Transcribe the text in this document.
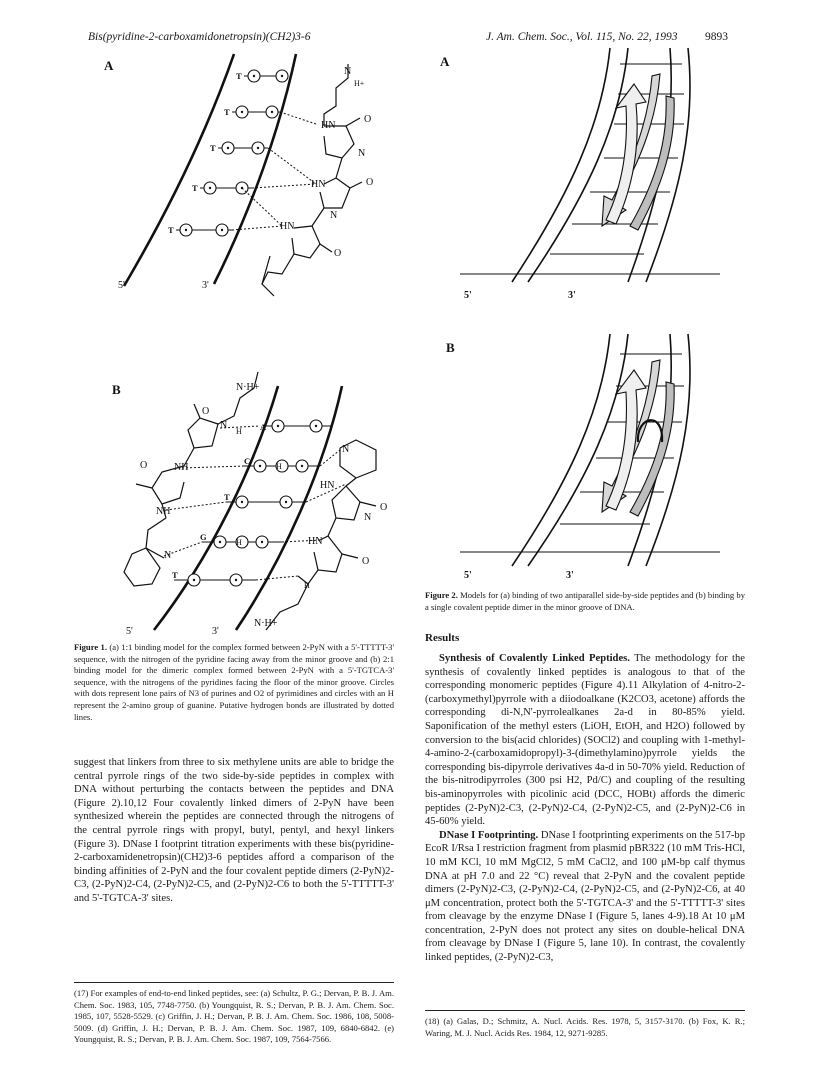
Bis(pyridine-2-carboxamidonetropsin)(CH2)3-6	J. Am. Chem. Soc., Vol. 115, No. 22, 1993 9893
HN
HN
HN
O
O
O
N
N
N
H+
T
T
T
T
T
A
5'	3'
H
H
N·H+
N·H+
NH
NH
HN
HN
O
O
O
O
N
N
N
N
H
H
A
C
T
G
T
B
5'	3'
Figure 1. (a) 1:1 binding model for the complex formed between 2-PyN with a 5'-TTTTT-3' sequence, with the nitrogen of the pyridine facing away from the minor groove and (b) 2:1 binding model for the dimeric complex formed between 2-PyN with a 5'-TGTCA-3' sequence, with the nitrogens of the pyridines facing the floor of the minor groove. Circles with dots represent lone pairs of N3 of purines and O2 of pyrimidines and circles with an H represent the 2-amino group of guanine. Putative hydrogen bonds are illustrated by dotted lines.
A
5'	3'
B
5'	3'
Figure 2. Models for (a) binding of two antiparallel side-by-side peptides and (b) binding by a single covalent peptide dimer in the minor groove of DNA.

suggest that linkers from three to six methylene units are able to bridge the central pyrrole rings of the two side-by-side peptides in complex with DNA without perturbing the contacts between the peptides and DNA (Figure 2).10,12 Four covalently linked dimers of 2-PyN have been synthesized wherein the peptides are connected through the nitrogens of the central pyrrole rings with propyl, butyl, pentyl, and hexyl linkers (Figure 3). DNase I footprint titration experiments with these bis(pyridine-2-carboxamidenetropsin)(CH2)3-6 peptides afford a comparison of the binding affinities of 2-PyN and the four covalent peptide dimers (2-PyN)2-C3, (2-PyN)2-C4, (2-PyN)2-C5, and (2-PyN)2-C6 to both the 5'-TTTTT-3' and 5'-TGTCA-3' sites.

(17) For examples of end-to-end linked peptides, see: (a) Schultz, P. G.; Dervan, P. B. J. Am. Chem. Soc. 1983, 105, 7748-7750. (b) Youngquist, R. S.; Dervan, P. B. J. Am. Chem. Soc. 1985, 107, 5528-5529. (c) Griffin, J. H.; Dervan, P. B. J. Am. Chem. Soc. 1986, 108, 5008-5009. (d) Griffin, J. H.; Dervan, P. B. J. Am. Chem. Soc. 1987, 109, 6840-6842. (e) Youngquist, R. S.; Dervan, P. B. J. Am. Chem. Soc. 1987, 109, 7564-7566.
Results

Synthesis of Covalently Linked Peptides. The methodology for the synthesis of covalently linked peptides is analogous to that of the corresponding monomeric peptides (Figure 4).11 Alkylation of 4-nitro-2-(carboxymethyl)pyrrole with a diiodoalkane (K2CO3, acetone) affords the corresponding di-N,N'-pyrrolealkanes 2a-d in 80-85% yield. Saponification of the methyl esters (LiOH, EtOH, and H2O) followed by conversion to the bis(acid chlorides) (SOCl2) and coupling with 1-methyl-4-amino-2-(carboxamidopropyl)-3-(dimethylamino)pyrrole yields the corresponding bis-dipyrrole derivatives 4a-d in 50-70% yield. Reduction of the bis-nitrodipyrroles (300 psi H2, Pd/C) and coupling of the resulting bis-aminopyrroles with picolinic acid (DCC, HOBt) affords the dimeric peptides (2-PyN)2-C3, (2-PyN)2-C4, (2-PyN)2-C5, and (2-PyN)2-C6 in 45-60% yield.

DNase I Footprinting. DNase I footprinting experiments on the 517-bp EcoR I/Rsa I restriction fragment from plasmid pBR322 (10 mM Tris-HCl, 10 mM KCl, 10 mM MgCl2, 5 mM CaCl2, and 100 μM-bp calf thymus DNA at pH 7.0 and 22 °C) reveal that 2-PyN and the covalent peptide dimers (2-PyN)2-C3, (2-PyN)2-C4, (2-PyN)2-C5, and (2-PyN)2-C6, at 40 μM concentration, protect both the 5'-TGTCA-3' and the 5'-TTTTT-3' sites from cleavage by the enzyme DNase I (Figure 5, lanes 4-9).18 At 10 μM concentration, 2-PyN does not protect any sites on double-helical DNA from cleavage by DNase I (Figure 5, lane 10). In contrast, the covalently linked peptides, (2-PyN)2-C3,

(18) (a) Galas, D.; Schmitz, A. Nucl. Acids. Res. 1978, 5, 3157-3170. (b) Fox, K. R.; Waring, M. J. Nucl. Acids Res. 1984, 12, 9271-9285.
